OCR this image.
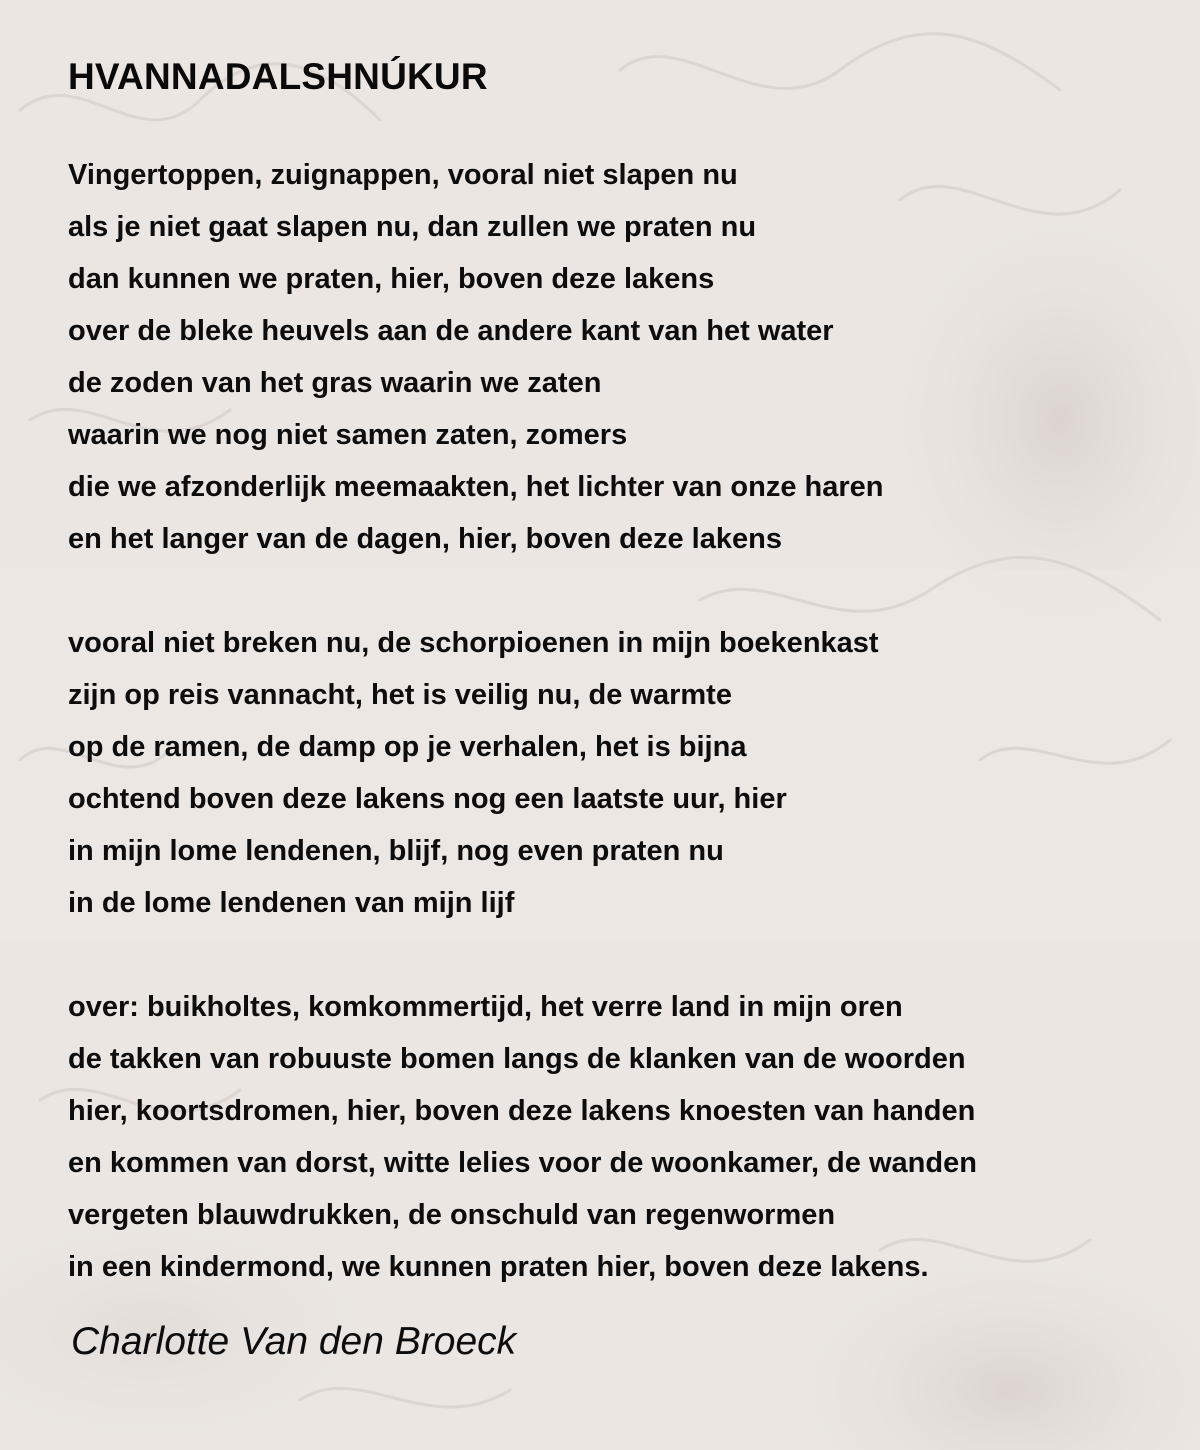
HVANNADALSHNÚKUR
Vingertoppen, zuignappen, vooral niet slapen nu
als je niet gaat slapen nu, dan zullen we praten nu
dan kunnen we praten, hier, boven deze lakens
over de bleke heuvels aan de andere kant van het water
de zoden van het gras waarin we zaten
waarin we nog niet samen zaten, zomers
die we afzonderlijk meemaakten, het lichter van onze haren
en het langer van de dagen, hier, boven deze lakens
vooral niet breken nu, de schorpioenen in mijn boekenkast
zijn op reis vannacht, het is veilig nu, de warmte
op de ramen, de damp op je verhalen, het is bijna
ochtend boven deze lakens nog een laatste uur, hier
in mijn lome lendenen, blijf, nog even praten nu
in de lome lendenen van mijn lijf
over: buikholtes, komkommertijd, het verre land in mijn oren
de takken van robuuste bomen langs de klanken van de woorden
hier, koortsdromen, hier, boven deze lakens knoesten van handen
en kommen van dorst, witte lelies voor de woonkamer, de wanden
vergeten blauwdrukken, de onschuld van regenwormen
in een kindermond, we kunnen praten hier, boven deze lakens.

Charlotte Van den Broeck
